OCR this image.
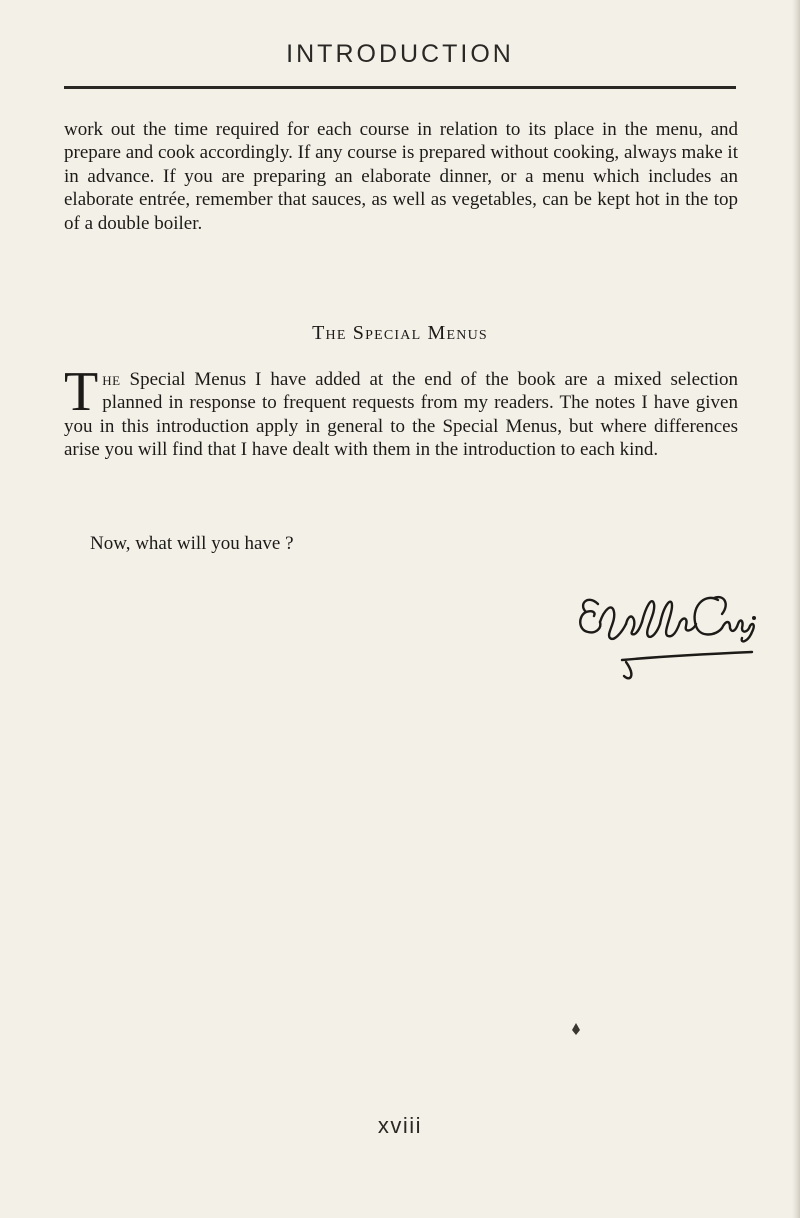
INTRODUCTION
work out the time required for each course in relation to its place in the menu, and prepare and cook accordingly. If any course is prepared without cooking, always make it in advance. If you are preparing an elaborate dinner, or a menu which includes an elaborate entrée, remember that sauces, as well as vegetables, can be kept hot in the top of a double boiler.
The Special Menus
The Special Menus I have added at the end of the book are a mixed selection planned in response to frequent requests from my readers. The notes I have given you in this introduction apply in general to the Special Menus, but where differences arise you will find that I have dealt with them in the introduction to each kind.
Now, what will you have ?
xviii
